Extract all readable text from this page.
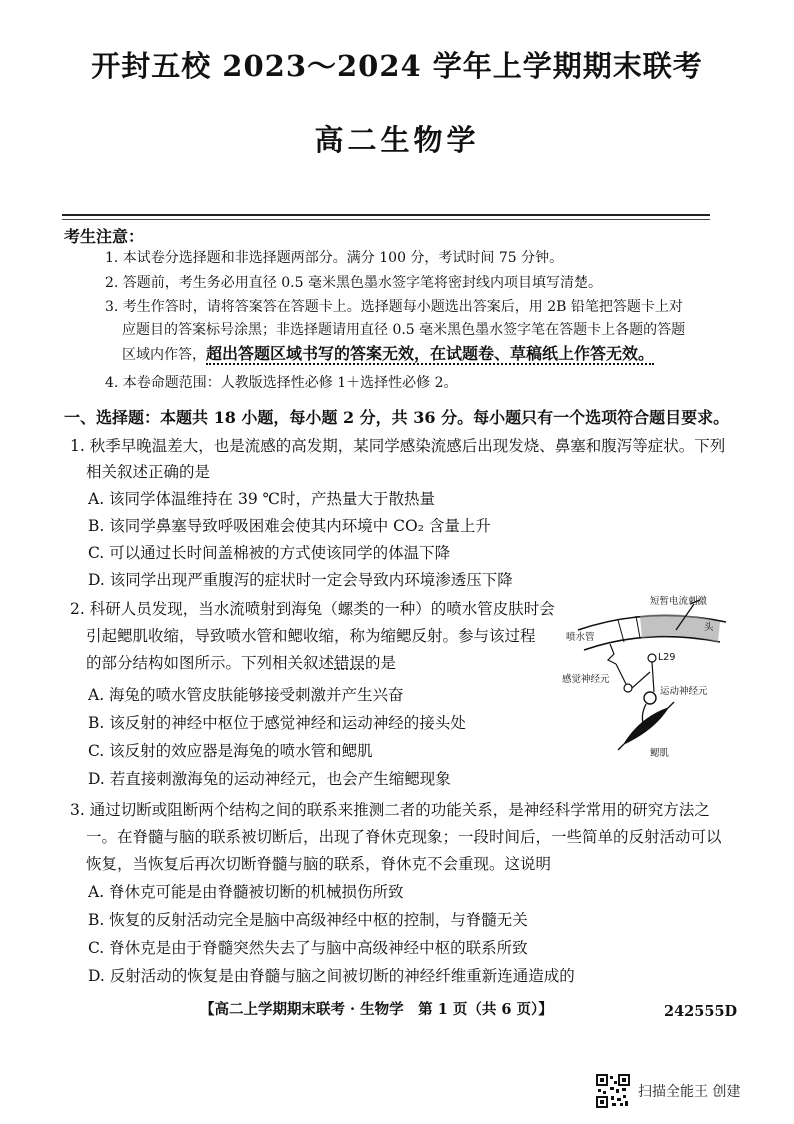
开封五校 2023～2024 学年上学期期末联考
高二生物学
考生注意：
1. 本试卷分选择题和非选择题两部分。满分 100 分，考试时间 75 分钟。
2. 答题前，考生务必用直径 0.5 毫米黑色墨水签字笔将密封线内项目填写清楚。
3. 考生作答时，请将答案答在答题卡上。选择题每小题选出答案后，用 2B 铅笔把答题卡上对
应题目的答案标号涂黑；非选择题请用直径 0.5 毫米黑色墨水签字笔在答题卡上各题的答题
区域内作答，超出答题区域书写的答案无效，在试题卷、草稿纸上作答无效。
4. 本卷命题范围：人教版选择性必修 1＋选择性必修 2。
一、选择题：本题共 18 小题，每小题 2 分，共 36 分。每小题只有一个选项符合题目要求。
1. 秋季早晚温差大，也是流感的高发期，某同学感染流感后出现发烧、鼻塞和腹泻等症状。下列
相关叙述正确的是
A. 该同学体温维持在 39 ℃时，产热量大于散热量
B. 该同学鼻塞导致呼吸困难会使其内环境中 CO₂ 含量上升
C. 可以通过长时间盖棉被的方式使该同学的体温下降
D. 该同学出现严重腹泻的症状时一定会导致内环境渗透压下降
2. 科研人员发现，当水流喷射到海兔（螺类的一种）的喷水管皮肤时会
引起鳃肌收缩，导致喷水管和鳃收缩，称为缩鳃反射。参与该过程
的部分结构如图所示。下列相关叙述错误的是
A. 海兔的喷水管皮肤能够接受刺激并产生兴奋
B. 该反射的神经中枢位于感觉神经和运动神经的接头处
C. 该反射的效应器是海兔的喷水管和鳃肌
D. 若直接刺激海兔的运动神经元，也会产生缩鳃现象
短暂电流刺激
头
喷水管
L29
感觉神经元
运动神经元
鳃肌
3. 通过切断或阻断两个结构之间的联系来推测二者的功能关系，是神经科学常用的研究方法之
一。在脊髓与脑的联系被切断后，出现了脊休克现象；一段时间后，一些简单的反射活动可以
恢复，当恢复后再次切断脊髓与脑的联系，脊休克不会重现。这说明
A. 脊休克可能是由脊髓被切断的机械损伤所致
B. 恢复的反射活动完全是脑中高级神经中枢的控制，与脊髓无关
C. 脊休克是由于脊髓突然失去了与脑中高级神经中枢的联系所致
D. 反射活动的恢复是由脊髓与脑之间被切断的神经纤维重新连通造成的
【高二上学期期末联考 · 生物学　第 1 页（共 6 页）】	242555D
扫描全能王 创建
